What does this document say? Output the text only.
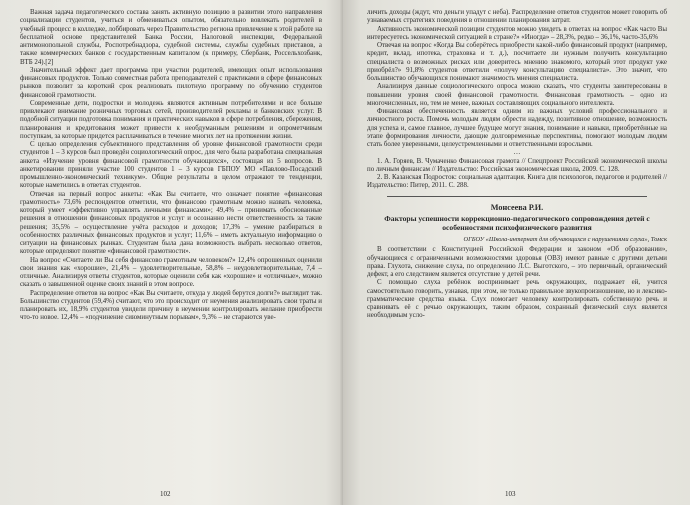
Важная задача педагогического состава занять активную позицию в развитии этого направления социализации студентов, учиться и обмениваться опытом, обязательно вовлекать родителей в учебный процесс в колледже, лоббировать через Правительство региона привлечение к этой работе на бесплатной основе представителей Банка России, Налоговой инспекции, Федеральной антимонопольной службы, Роспотребнадзора, судебной системы, службы судебных приставов, а также коммерческих банков с государственным капиталом (к примеру, Сбербанк, Россельхозбанк, ВТБ 24).[2]

Значительный эффект дает программа при участии родителей, имеющих опыт использования финансовых продуктов. Только совместная работа преподавателей с практиками в сфере финансовых рынков позволит за короткий срок реализовать пилотную программу по обучению студентов финансовой грамотности.

Современные дети, подростки и молодежь являются активным потребителями и все больше привлекают внимание розничных торговых сетей, производителей рекламы и банковских услуг. В подобной ситуации подготовка понимания и практических навыков в сфере потребления, сбережения, планирования и кредитования может привести к необдуманным решениям и опрометчивым поступкам, за которые придется расплачиваться в течение многих лет на протяжении жизни.

С целью определения субъективного представления об уровне финансовой грамотности среди студентов 1 – 3 курсов был проведён социологический опрос, для чего была разработана специальная анкета «Изучение уровня финансовой грамотности обучающихся», состоящая из 5 вопросов. В анкетировании приняли участие 100 студентов 1 – 3 курсов ГБПОУ МО «Павлово-Посадский промышленно-экономический техникум». Общие результаты в целом отражают те тенденции, которые наметились в ответах студентов.

Отвечая на первый вопрос анкеты: «Как Вы считаете, что означает понятие «финансовая грамотность» 73,6% респондентов отметили, что финансово грамотным можно назвать человека, который умеет «эффективно управлять личными финансами»; 49,4% – принимать обоснованные решения в отношении финансовых продуктов и услуг и осознанно нести ответственность за такие решения; 35,5% – осуществление учёта расходов и доходов; 17,3% – умение разбираться в особенностях различных финансовых продуктов и услуг; 11,6% – иметь актуальную информацию о ситуации на финансовых рынках. Студентам была дана возможность выбрать несколько ответов, которые определяют понятие «финансовой грамотности».

На вопрос «Считаете ли Вы себя финансово грамотным человеком?» 12,4% опрошенных оценили свои знания как «хорошие», 21,4% – удовлетворительные, 58,8% – неудовлетворительные, 7,4 – отличные. Анализируя ответы студентов, которые оценили себя как «хорошие» и «отличные», можно сказать о завышенной оценке своих знаний в этом вопросе.

Распределение ответов на вопрос «Как Вы считаете, откуда у людей берутся долги?» выглядит так. Большинство студентов (59,4%) считают, что это происходит от неумения анализировать свои траты и планировать их, 18,9% студентов увидели причину в неумении контролировать желание приобрести что-то новое. 12,4% – «подчинение сиюминутным порывам», 9,3% – не стараются уве-

102

личить доходы (ждут, что деньги упадут с неба). Распределение ответов студентов может говорить об узнаваемых стратегиях поведения в отношении планирования затрат.

Активность экономической позиции студентов можно увидеть в ответах на вопрос «Как часто Вы интересуетесь экономической ситуацией в стране?» «Иногда» – 28,3%, редко – 36,1%, часто-35,6%

Отвечая на вопрос «Когда Вы соберётесь приобрести какой-либо финансовый продукт (например, кредит, вклад, ипотека, страховка и т. д.), посчитаете ли нужным получить консультацию специалиста о возможных рисках или доверитесь мнению знакомого, который этот продукт уже приобрёл?» 91,8% студентов ответили «получу консультацию специалиста». Это значит, что большинство обучающихся понимают значимость мнения специалиста.

Анализируя данные социологического опроса можно сказать, что студенты заинтересованы в повышении уровня своей финансовой грамотности. Финансовая грамотность – одно из многочисленных, но, тем не менее, важных составляющих социального интеллекта.

Финансовая обеспеченность является одним из важных условий профессионального и личностного роста. Помочь молодым людям обрести надежду, позитивное отношение, возможность для успеха и, самое главное, лучшее будущее могут знания, понимание и навыки, приобретённые на этапе формирования личности, дающие долговременные перспективы, помогают молодым людям стать более уверенными, целеустремленными и ответственными взрослыми.

…

1. А. Горяев, В. Чумаченко Финансовая грамота // Спецпроект Российской экономической школы по личным финансам // Издательство: Российская экономическая школа, 2009. С. 128.

2. В. Казанская Подросток: социальная адаптация. Книга для психологов, педагогов и родителей // Издательство: Питер, 2011. С. 288.

Монсеева Р.И.
Факторы успешности коррекционно-педагогического сопровождения детей с особенностями психофизического развития
ОГБОУ «Школа-интернат для обучающихся с нарушениями слуха», Томск

В соответствии с Конституцией Российской Федерации и законом «Об образовании», обучающиеся с ограниченными возможностями здоровья (ОВЗ) имеют равные с другими детьми права. Глухота, снижение слуха, по определению Л.С. Выготского, – это первичный, органический дефект, а его следствием является отсутствие у детей речи.

С помощью слуха ребёнок воспринимает речь окружающих, подражает ей, учится самостоятельно говорить, узнавая, при этом, не только правильное звукопроизношение, но и лексико-грамматические средства языка. Слух помогает человеку контролировать собственную речь и сравнивать её с речью окружающих, таким образом, сохранный физический слух является необходимым усло-

103
